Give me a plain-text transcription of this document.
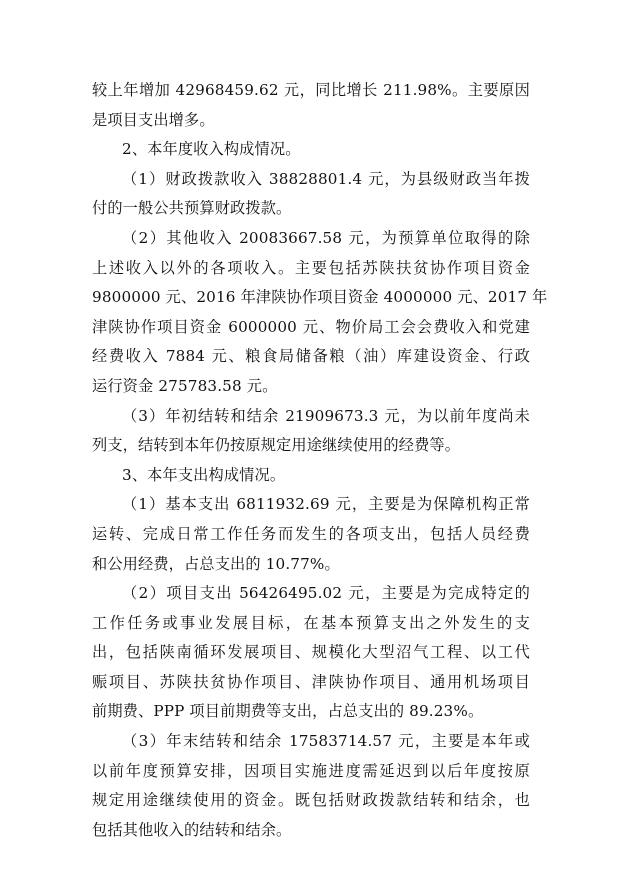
较上年增加 42968459.62 元，同比增长 211.98%。主要原因
是项目支出增多。
2、本年度收入构成情况。
（1）财政拨款收入 38828801.4 元，为县级财政当年拨
付的一般公共预算财政拨款。
（2）其他收入 20083667.58 元，为预算单位取得的除
上述收入以外的各项收入。主要包括苏陕扶贫协作项目资金
9800000 元、2016 年津陕协作项目资金 4000000 元、2017 年
津陕协作项目资金 6000000 元、物价局工会会费收入和党建
经费收入 7884 元、粮食局储备粮（油）库建设资金、行政
运行资金 275783.58 元。
（3）年初结转和结余 21909673.3 元，为以前年度尚未
列支，结转到本年仍按原规定用途继续使用的经费等。
3、本年支出构成情况。
（1）基本支出 6811932.69 元，主要是为保障机构正常
运转、完成日常工作任务而发生的各项支出，包括人员经费
和公用经费，占总支出的 10.77%。
（2）项目支出 56426495.02 元，主要是为完成特定的
工作任务或事业发展目标，在基本预算支出之外发生的支
出，包括陕南循环发展项目、规模化大型沼气工程、以工代
赈项目、苏陕扶贫协作项目、津陕协作项目、通用机场项目
前期费、PPP 项目前期费等支出，占总支出的 89.23%。
（3）年末结转和结余 17583714.57 元，主要是本年或
以前年度预算安排，因项目实施进度需延迟到以后年度按原
规定用途继续使用的资金。既包括财政拨款结转和结余，也
包括其他收入的结转和结余。
